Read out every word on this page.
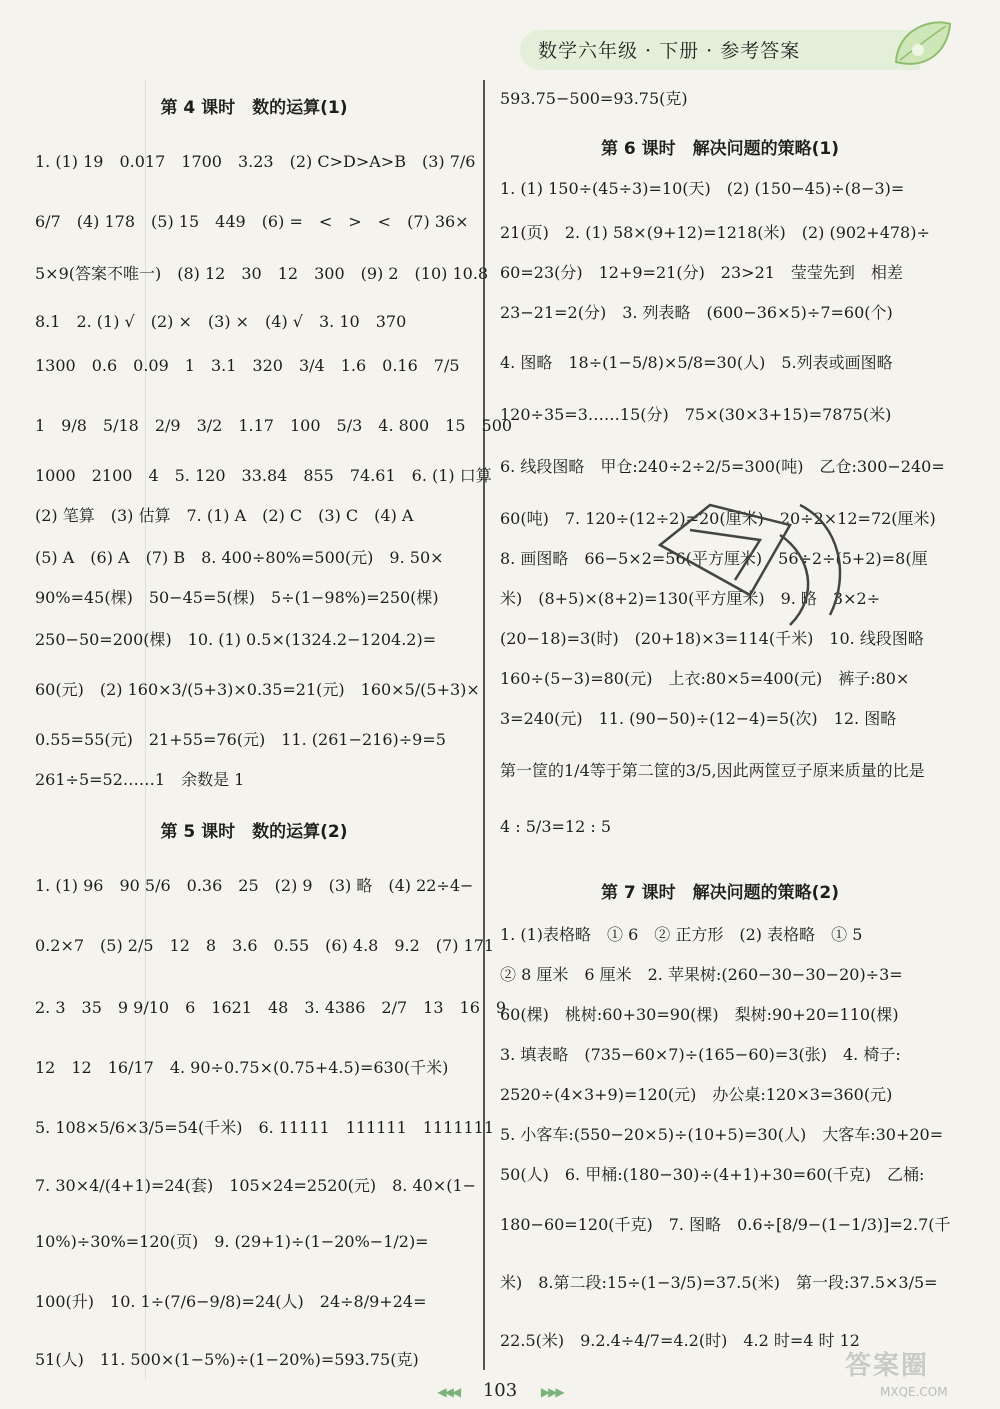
数学六年级 · 下册 · 参考答案
第 4 课时　数的运算(1)
1. (1) 19　0.017　1700　3.23　(2) C>D>A>B　(3) 7/6
6/7　(4) 178　(5) 15　449　(6) =　<　>　<　(7) 36×
5×9(答案不唯一)　(8) 12　30　12　300　(9) 2　(10) 10.8
8.1　2. (1) √　(2) ×　(3) ×　(4) √　3. 10　370
1300　0.6　0.09　1　3.1　320　3/4　1.6　0.16　7/5
1　9/8　5/18　2/9　3/2　1.17　100　5/3　4. 800　15　500
1000　2100　4　5. 120　33.84　855　74.61　6. (1) 口算
(2) 笔算　(3) 估算　7. (1) A　(2) C　(3) C　(4) A
(5) A　(6) A　(7) B　8. 400÷80%=500(元)　9. 50×
90%=45(棵)　50−45=5(棵)　5÷(1−98%)=250(棵)
250−50=200(棵)　10. (1) 0.5×(1324.2−1204.2)=
60(元)　(2) 160×3/(5+3)×0.35=21(元)　160×5/(5+3)×
0.55=55(元)　21+55=76(元)　11. (261−216)÷9=5
261÷5=52……1　余数是 1
第 5 课时　数的运算(2)
1. (1) 96　90 5/6　0.36　25　(2) 9　(3) 略　(4) 22÷4−
0.2×7　(5) 2/5　12　8　3.6　0.55　(6) 4.8　9.2　(7) 171
2. 3　35　9 9/10　6　1621　48　3. 4386　2/7　13　16　9
12　12　16/17　4. 90÷0.75×(0.75+4.5)=630(千米)
5. 108×5/6×3/5=54(千米)　6. 11111　111111　1111111
7. 30×4/(4+1)=24(套)　105×24=2520(元)　8. 40×(1−
10%)÷30%=120(页)　9. (29+1)÷(1−20%−1/2)=
100(升)　10. 1÷(7/6−9/8)=24(人)　24÷8/9+24=
51(人)　11. 500×(1−5%)÷(1−20%)=593.75(克)
593.75−500=93.75(克)
第 6 课时　解决问题的策略(1)
1. (1) 150÷(45÷3)=10(天)　(2) (150−45)÷(8−3)=
21(页)　2. (1) 58×(9+12)=1218(米)　(2) (902+478)÷
60=23(分)　12+9=21(分)　23>21　莹莹先到　相差
23−21=2(分)　3. 列表略　(600−36×5)÷7=60(个)
4. 图略　18÷(1−5/8)×5/8=30(人)　5.列表或画图略
120÷35=3……15(分)　75×(30×3+15)=7875(米)
6. 线段图略　甲仓:240÷2÷2/5=300(吨)　乙仓:300−240=
60(吨)　7. 120÷(12÷2)=20(厘米)　20÷2×12=72(厘米)
8. 画图略　66−5×2=56(平方厘米)　56÷2÷(5+2)=8(厘
米)　(8+5)×(8+2)=130(平方厘米)　9. 略　3×2÷
(20−18)=3(时)　(20+18)×3=114(千米)　10. 线段图略
160÷(5−3)=80(元)　上衣:80×5=400(元)　裤子:80×
3=240(元)　11. (90−50)÷(12−4)=5(次)　12. 图略
第一筐的1/4等于第二筐的3/5,因此两筐豆子原来质量的比是
4 : 5/3=12 : 5
第 7 课时　解决问题的策略(2)
1. (1)表格略　① 6　② 正方形　(2) 表格略　① 5
② 8 厘米　6 厘米　2. 苹果树:(260−30−30−20)÷3=
60(棵)　桃树:60+30=90(棵)　梨树:90+20=110(棵)
3. 填表略　(735−60×7)÷(165−60)=3(张)　4. 椅子:
2520÷(4×3+9)=120(元)　办公桌:120×3=360(元)
5. 小客车:(550−20×5)÷(10+5)=30(人)　大客车:30+20=
50(人)　6. 甲桶:(180−30)÷(4+1)+30=60(千克)　乙桶:
180−60=120(千克)　7. 图略　0.6÷[8/9−(1−1/3)]=2.7(千
米)　8.第二段:15÷(1−3/5)=37.5(米)　第一段:37.5×3/5=
22.5(米)　9.2.4÷4/7=4.2(时)　4.2 时=4 时 12
◀◀◀ 103 ▶▶▶
答案圈
MXQE.COM
